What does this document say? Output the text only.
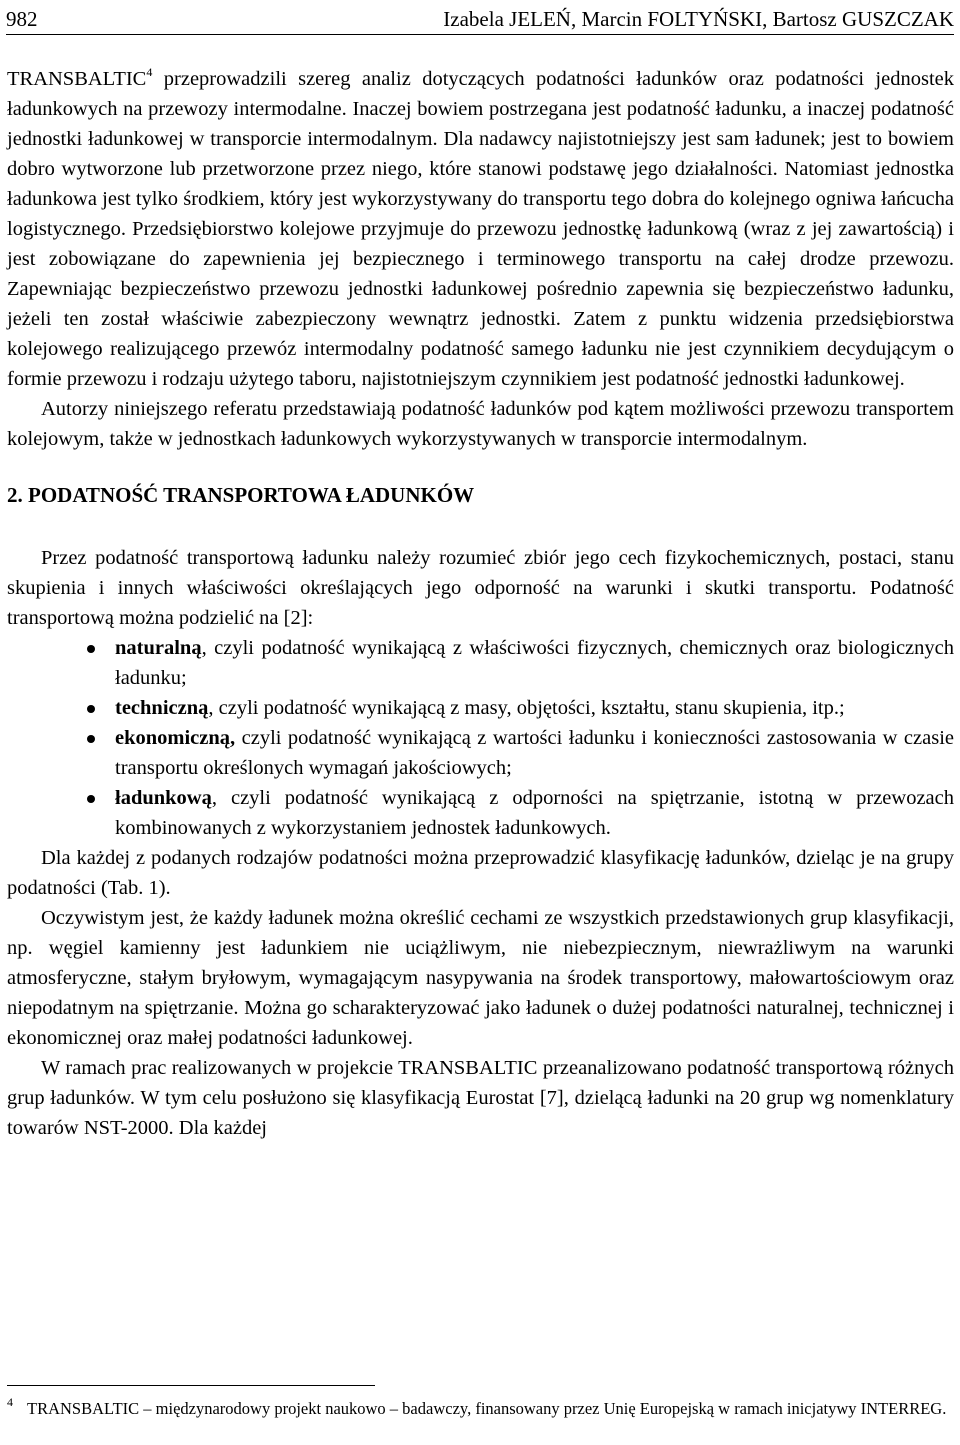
982	Izabela JELEŃ, Marcin FOLTYŃSKI, Bartosz GUSZCZAK

TRANSBALTIC$^4$ przeprowadzili szereg analiz dotyczących podatności ładunków oraz podatności jednostek ładunkowych na przewozy intermodalne. Inaczej bowiem postrzegana jest podatność ładunku, a inaczej podatność jednostki ładunkowej w transporcie intermodalnym. Dla nadawcy najistotniejszy jest sam ładunek; jest to bowiem dobro wytworzone lub przetworzone przez niego, które stanowi podstawę jego działalności. Natomiast jednostka ładunkowa jest tylko środkiem, który jest wykorzystywany do transportu tego dobra do kolejnego ogniwa łańcucha logistycznego. Przedsiębiorstwo kolejowe przyjmuje do przewozu jednostkę ładunkową (wraz z jej zawartością) i jest zobowiązane do zapewnienia jej bezpiecznego i terminowego transportu na całej drodze przewozu. Zapewniając bezpieczeństwo przewozu jednostki ładunkowej pośrednio zapewnia się bezpieczeństwo ładunku, jeżeli ten został właściwie zabezpieczony wewnątrz jednostki. Zatem z punktu widzenia przedsiębiorstwa kolejowego realizującego przewóz intermodalny podatność samego ładunku nie jest czynnikiem decydującym o formie przewozu i rodzaju użytego taboru, najistotniejszym czynnikiem jest podatność jednostki ładunkowej.

Autorzy niniejszego referatu przedstawiają podatność ładunków pod kątem możliwości przewozu transportem kolejowym, także w jednostkach ładunkowych wykorzystywanych w transporcie intermodalnym.

2. PODATNOŚĆ TRANSPORTOWA ŁADUNKÓW

Przez podatność transportową ładunku należy rozumieć zbiór jego cech fizykochemicznych, postaci, stanu skupienia i innych właściwości określających jego odporność na warunki i skutki transportu. Podatność transportową można podzielić na [2]:

naturalną, czyli podatność wynikającą z właściwości fizycznych, chemicznych oraz biologicznych ładunku;
techniczną, czyli podatność wynikającą z masy, objętości, kształtu, stanu skupienia, itp.;
ekonomiczną, czyli podatność wynikającą z wartości ładunku i konieczności zastosowania w czasie transportu określonych wymagań jakościowych;
ładunkową, czyli podatność wynikającą z odporności na spiętrzanie, istotną w przewozach kombinowanych z wykorzystaniem jednostek ładunkowych.

Dla każdej z podanych rodzajów podatności można przeprowadzić klasyfikację ładunków, dzieląc je na grupy podatności (Tab. 1).

Oczywistym jest, że każdy ładunek można określić cechami ze wszystkich przedstawionych grup klasyfikacji, np. węgiel kamienny jest ładunkiem nie uciążliwym, nie niebezpiecznym, niewrażliwym na warunki atmosferyczne, stałym bryłowym, wymagającym nasypywania na środek transportowy, małowartościowym oraz niepodatnym na spiętrzanie. Można go scharakteryzować jako ładunek o dużej podatności naturalnej, technicznej i ekonomicznej oraz małej podatności ładunkowej.

W ramach prac realizowanych w projekcie TRANSBALTIC przeanalizowano podatność transportową różnych grup ładunków. W tym celu posłużono się klasyfikacją Eurostat [7], dzielącą ładunki na 20 grup wg nomenklatury towarów NST-2000. Dla każdej

$^4$ TRANSBALTIC – międzynarodowy projekt naukowo – badawczy, finansowany przez Unię Europejską w ramach inicjatywy INTERREG.
